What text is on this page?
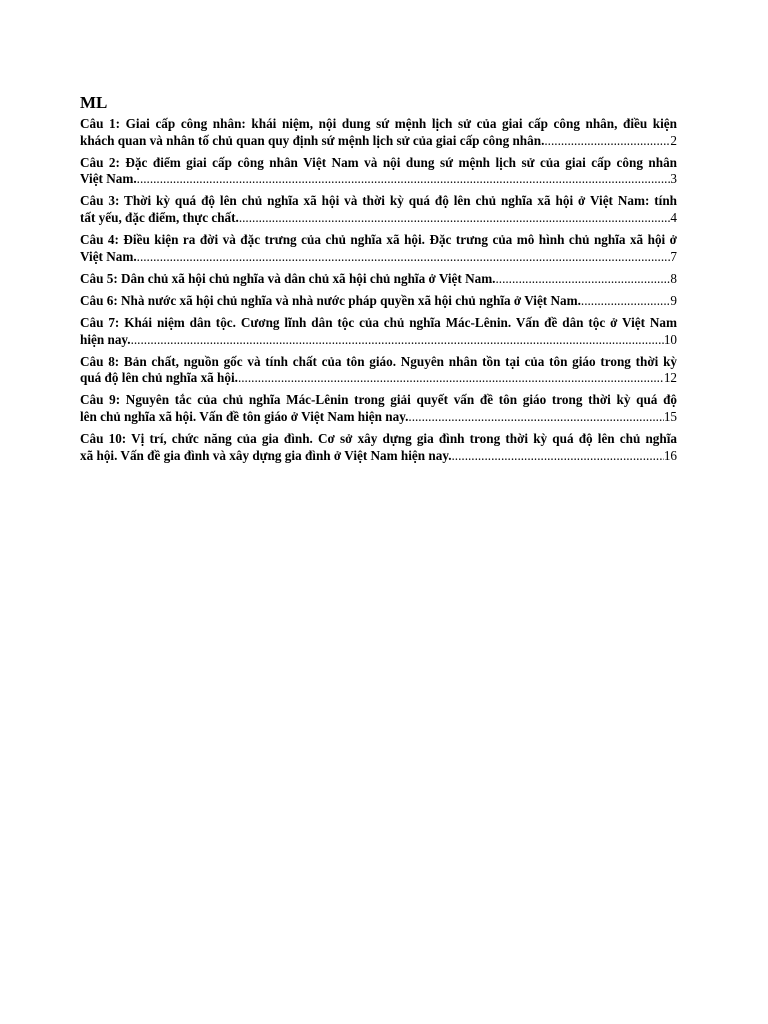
ML
Câu 1: Giai cấp công nhân: khái niệm, nội dung sứ mệnh lịch sử của giai cấp công nhân, điều kiện
khách quan và nhân tố chủ quan quy định sứ mệnh lịch sử của giai cấp công nhân. .....	2
Câu 2: Đặc điểm giai cấp công nhân Việt Nam và nội dung sứ mệnh lịch sử của giai cấp công nhân
Việt Nam. .....	3
Câu 3: Thời kỳ quá độ lên chủ nghĩa xã hội và thời kỳ quá độ lên chủ nghĩa xã hội ở Việt Nam: tính
tất yếu, đặc điểm, thực chất. .....	4
Câu 4: Điều kiện ra đời và đặc trưng của chủ nghĩa xã hội. Đặc trưng của mô hình chủ nghĩa xã hội ở
Việt Nam. .....	7
Câu 5: Dân chủ xã hội chủ nghĩa và dân chủ xã hội chủ nghĩa ở Việt Nam. .....	8
Câu 6: Nhà nước xã hội chủ nghĩa và nhà nước pháp quyền xã hội chủ nghĩa ở Việt Nam. .....	9
Câu 7: Khái niệm dân tộc. Cương lĩnh dân tộc của chủ nghĩa Mác-Lênin. Vấn đề dân tộc ở Việt Nam
hiện nay. .....	10
Câu 8: Bản chất, nguồn gốc và tính chất của tôn giáo. Nguyên nhân tồn tại của tôn giáo trong thời kỳ
quá độ lên chủ nghĩa xã hội. .....	12
Câu 9: Nguyên tắc của chủ nghĩa Mác-Lênin trong giải quyết vấn đề tôn giáo trong thời kỳ quá độ
lên chủ nghĩa xã hội. Vấn đề tôn giáo ở Việt Nam hiện nay. .....	15
Câu 10: Vị trí, chức năng của gia đình. Cơ sở xây dựng gia đình trong thời kỳ quá độ lên chủ nghĩa
xã hội. Vấn đề gia đình và xây dựng gia đình ở Việt Nam hiện nay. .....	16
